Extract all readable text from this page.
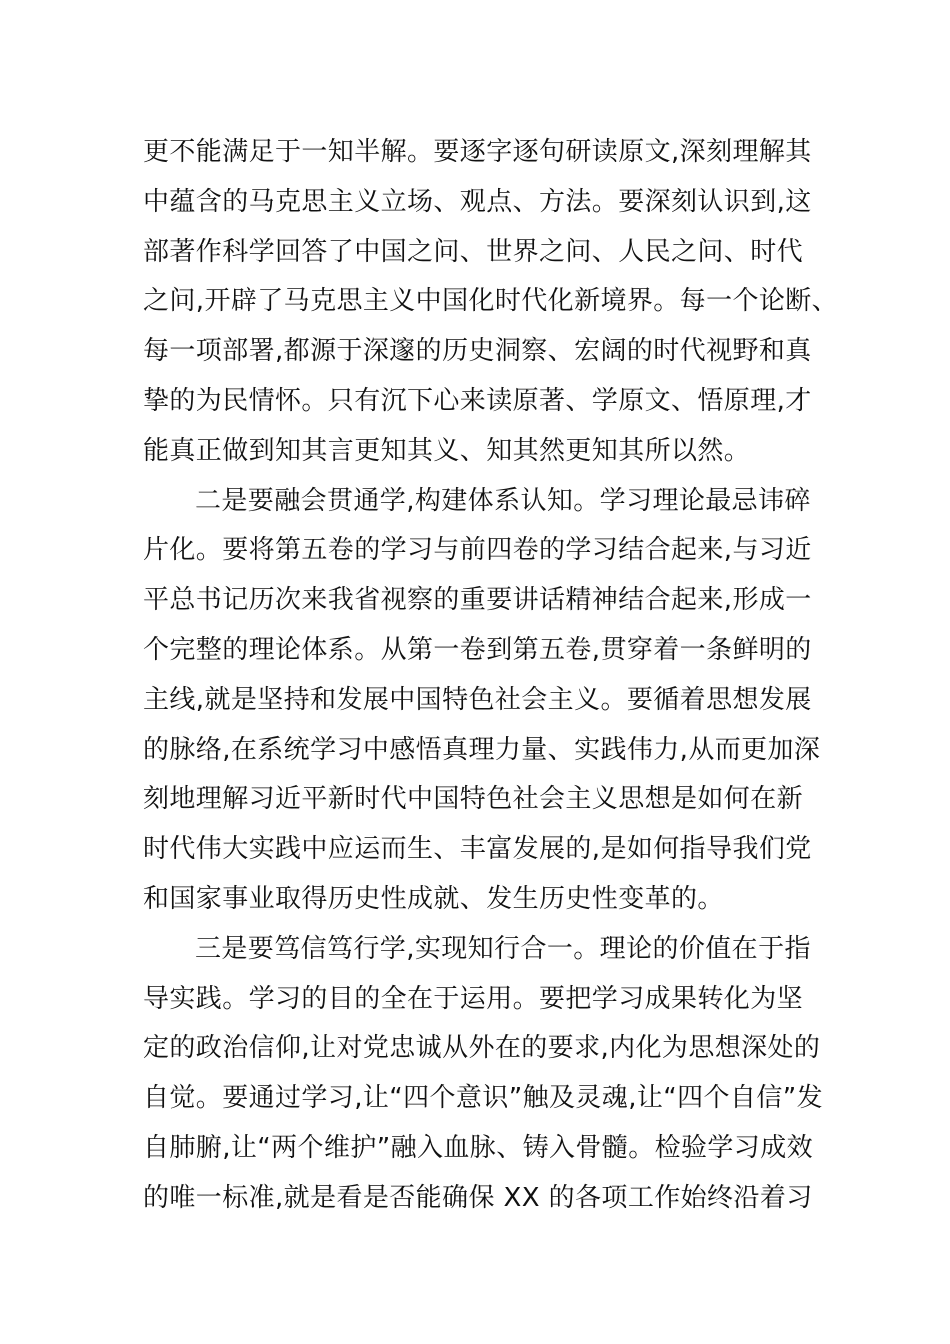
更不能满足于一知半解。要逐字逐句研读原文,深刻理解其
中蕴含的马克思主义立场、观点、方法。要深刻认识到,这
部著作科学回答了中国之问、世界之问、人民之问、时代
之问,开辟了马克思主义中国化时代化新境界。每一个论断、
每一项部署,都源于深邃的历史洞察、宏阔的时代视野和真
挚的为民情怀。只有沉下心来读原著、学原文、悟原理,才
能真正做到知其言更知其义、知其然更知其所以然。
二是要融会贯通学,构建体系认知。学习理论最忌讳碎
片化。要将第五卷的学习与前四卷的学习结合起来,与习近
平总书记历次来我省视察的重要讲话精神结合起来,形成一
个完整的理论体系。从第一卷到第五卷,贯穿着一条鲜明的
主线,就是坚持和发展中国特色社会主义。要循着思想发展
的脉络,在系统学习中感悟真理力量、实践伟力,从而更加深
刻地理解习近平新时代中国特色社会主义思想是如何在新
时代伟大实践中应运而生、丰富发展的,是如何指导我们党
和国家事业取得历史性成就、发生历史性变革的。
三是要笃信笃行学,实现知行合一。理论的价值在于指
导实践。学习的目的全在于运用。要把学习成果转化为坚
定的政治信仰,让对党忠诚从外在的要求,内化为思想深处的
自觉。要通过学习,让“四个意识”触及灵魂,让“四个自信”发
自肺腑,让“两个维护”融入血脉、铸入骨髓。检验学习成效
的唯一标准,就是看是否能确保 XX 的各项工作始终沿着习
